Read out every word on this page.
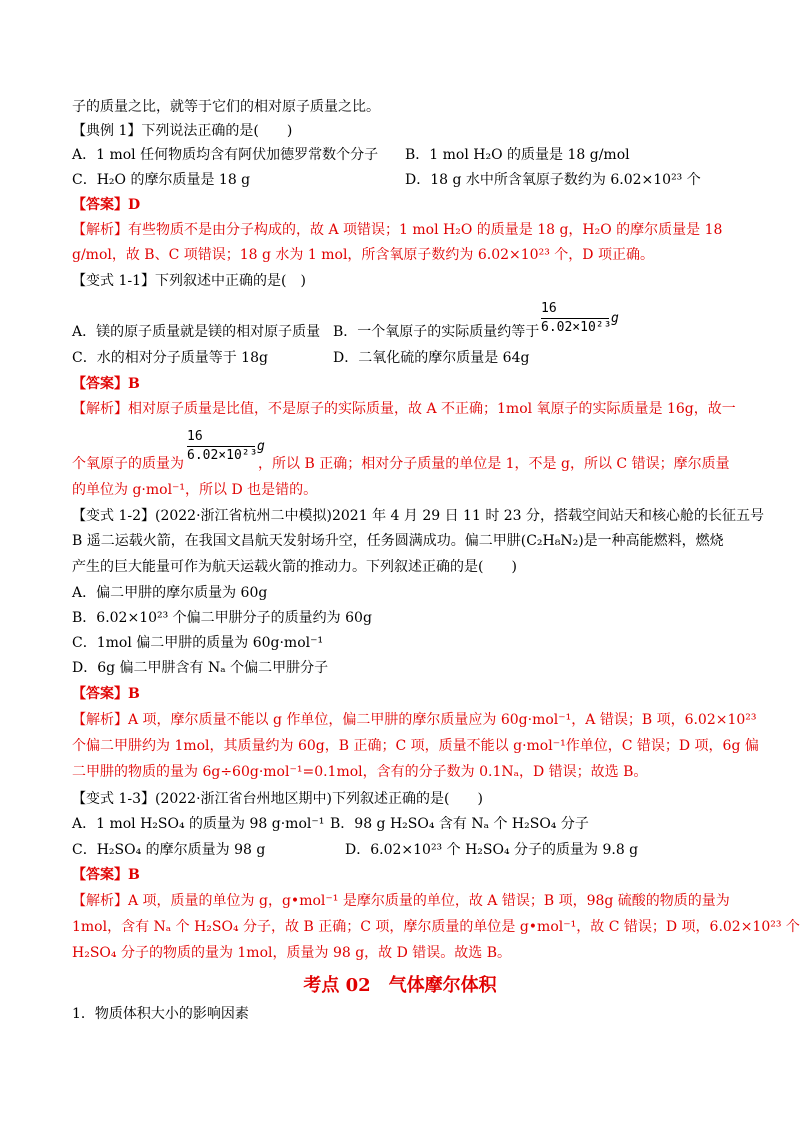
子的质量之比，就等于它们的相对原子质量之比。
【典例 1】下列说法正确的是(　　)
A．1 mol 任何物质均含有阿伏加德罗常数个分子 B．1 mol H₂O 的质量是 18 g/mol
C．H₂O 的摩尔质量是 18 g	D．18 g 水中所含氧原子数约为 6.02×10²³ 个
【答案】D
【解析】有些物质不是由分子构成的，故 A 项错误；1 mol H₂O 的质量是 18 g，H₂O 的摩尔质量是 18
g/mol，故 B、C 项错误；18 g 水为 1 mol，所含氧原子数约为 6.02×10²³ 个，D 项正确。
【变式 1-1】下列叙述中正确的是(　)
16
6.02×10²³
g
A．镁的原子质量就是镁的相对原子质量 B．一个氧原子的实际质量约等于
C．水的相对分子质量等于 18g	D．二氧化硫的摩尔质量是 64g
【答案】B
【解析】相对原子质量是比值，不是原子的实际质量，故 A 不正确；1mol 氧原子的实际质量是 16g，故一
16
6.02×10²³
g
个氧原子的质量为	，所以 B 正确；相对分子质量的单位是 1，不是 g，所以 C 错误；摩尔质量
的单位为 g·mol⁻¹，所以 D 也是错的。
【变式 1-2】(2022·浙江省杭州二中模拟)2021 年 4 月 29 日 11 时 23 分，搭载空间站天和核心舱的长征五号
B 遥二运载火箭，在我国文昌航天发射场升空，任务圆满成功。偏二甲肼(C₂H₈N₂)是一种高能燃料，燃烧
产生的巨大能量可作为航天运载火箭的推动力。下列叙述正确的是(　　)
A．偏二甲肼的摩尔质量为 60g
B．6.02×10²³ 个偏二甲肼分子的质量约为 60g
C．1mol 偏二甲肼的质量为 60g·mol⁻¹
D．6g 偏二甲肼含有 Nₐ 个偏二甲肼分子
【答案】B
【解析】A 项，摩尔质量不能以 g 作单位，偏二甲肼的摩尔质量应为 60g·mol⁻¹，A 错误；B 项，6.02×10²³
个偏二甲肼约为 1mol，其质量约为 60g，B 正确；C 项，质量不能以 g·mol⁻¹作单位，C 错误；D 项，6g 偏
二甲肼的物质的量为 6g÷60g·mol⁻¹=0.1mol，含有的分子数为 0.1Nₐ，D 错误；故选 B。
【变式 1-3】(2022·浙江省台州地区期中)下列叙述正确的是(　　)
A．1 mol H₂SO₄ 的质量为 98 g·mol⁻¹ B．98 g H₂SO₄ 含有 Nₐ 个 H₂SO₄ 分子
C．H₂SO₄ 的摩尔质量为 98 g	D．6.02×10²³ 个 H₂SO₄ 分子的质量为 9.8 g
【答案】B
【解析】A 项，质量的单位为 g，g•mol⁻¹ 是摩尔质量的单位，故 A 错误；B 项，98g 硫酸的物质的量为
1mol，含有 Nₐ 个 H₂SO₄ 分子，故 B 正确；C 项，摩尔质量的单位是 g•mol⁻¹，故 C 错误；D 项，6.02×10²³ 个
H₂SO₄ 分子的物质的量为 1mol，质量为 98 g，故 D 错误。故选 B。
考点 02　气体摩尔体积
1．物质体积大小的影响因素
